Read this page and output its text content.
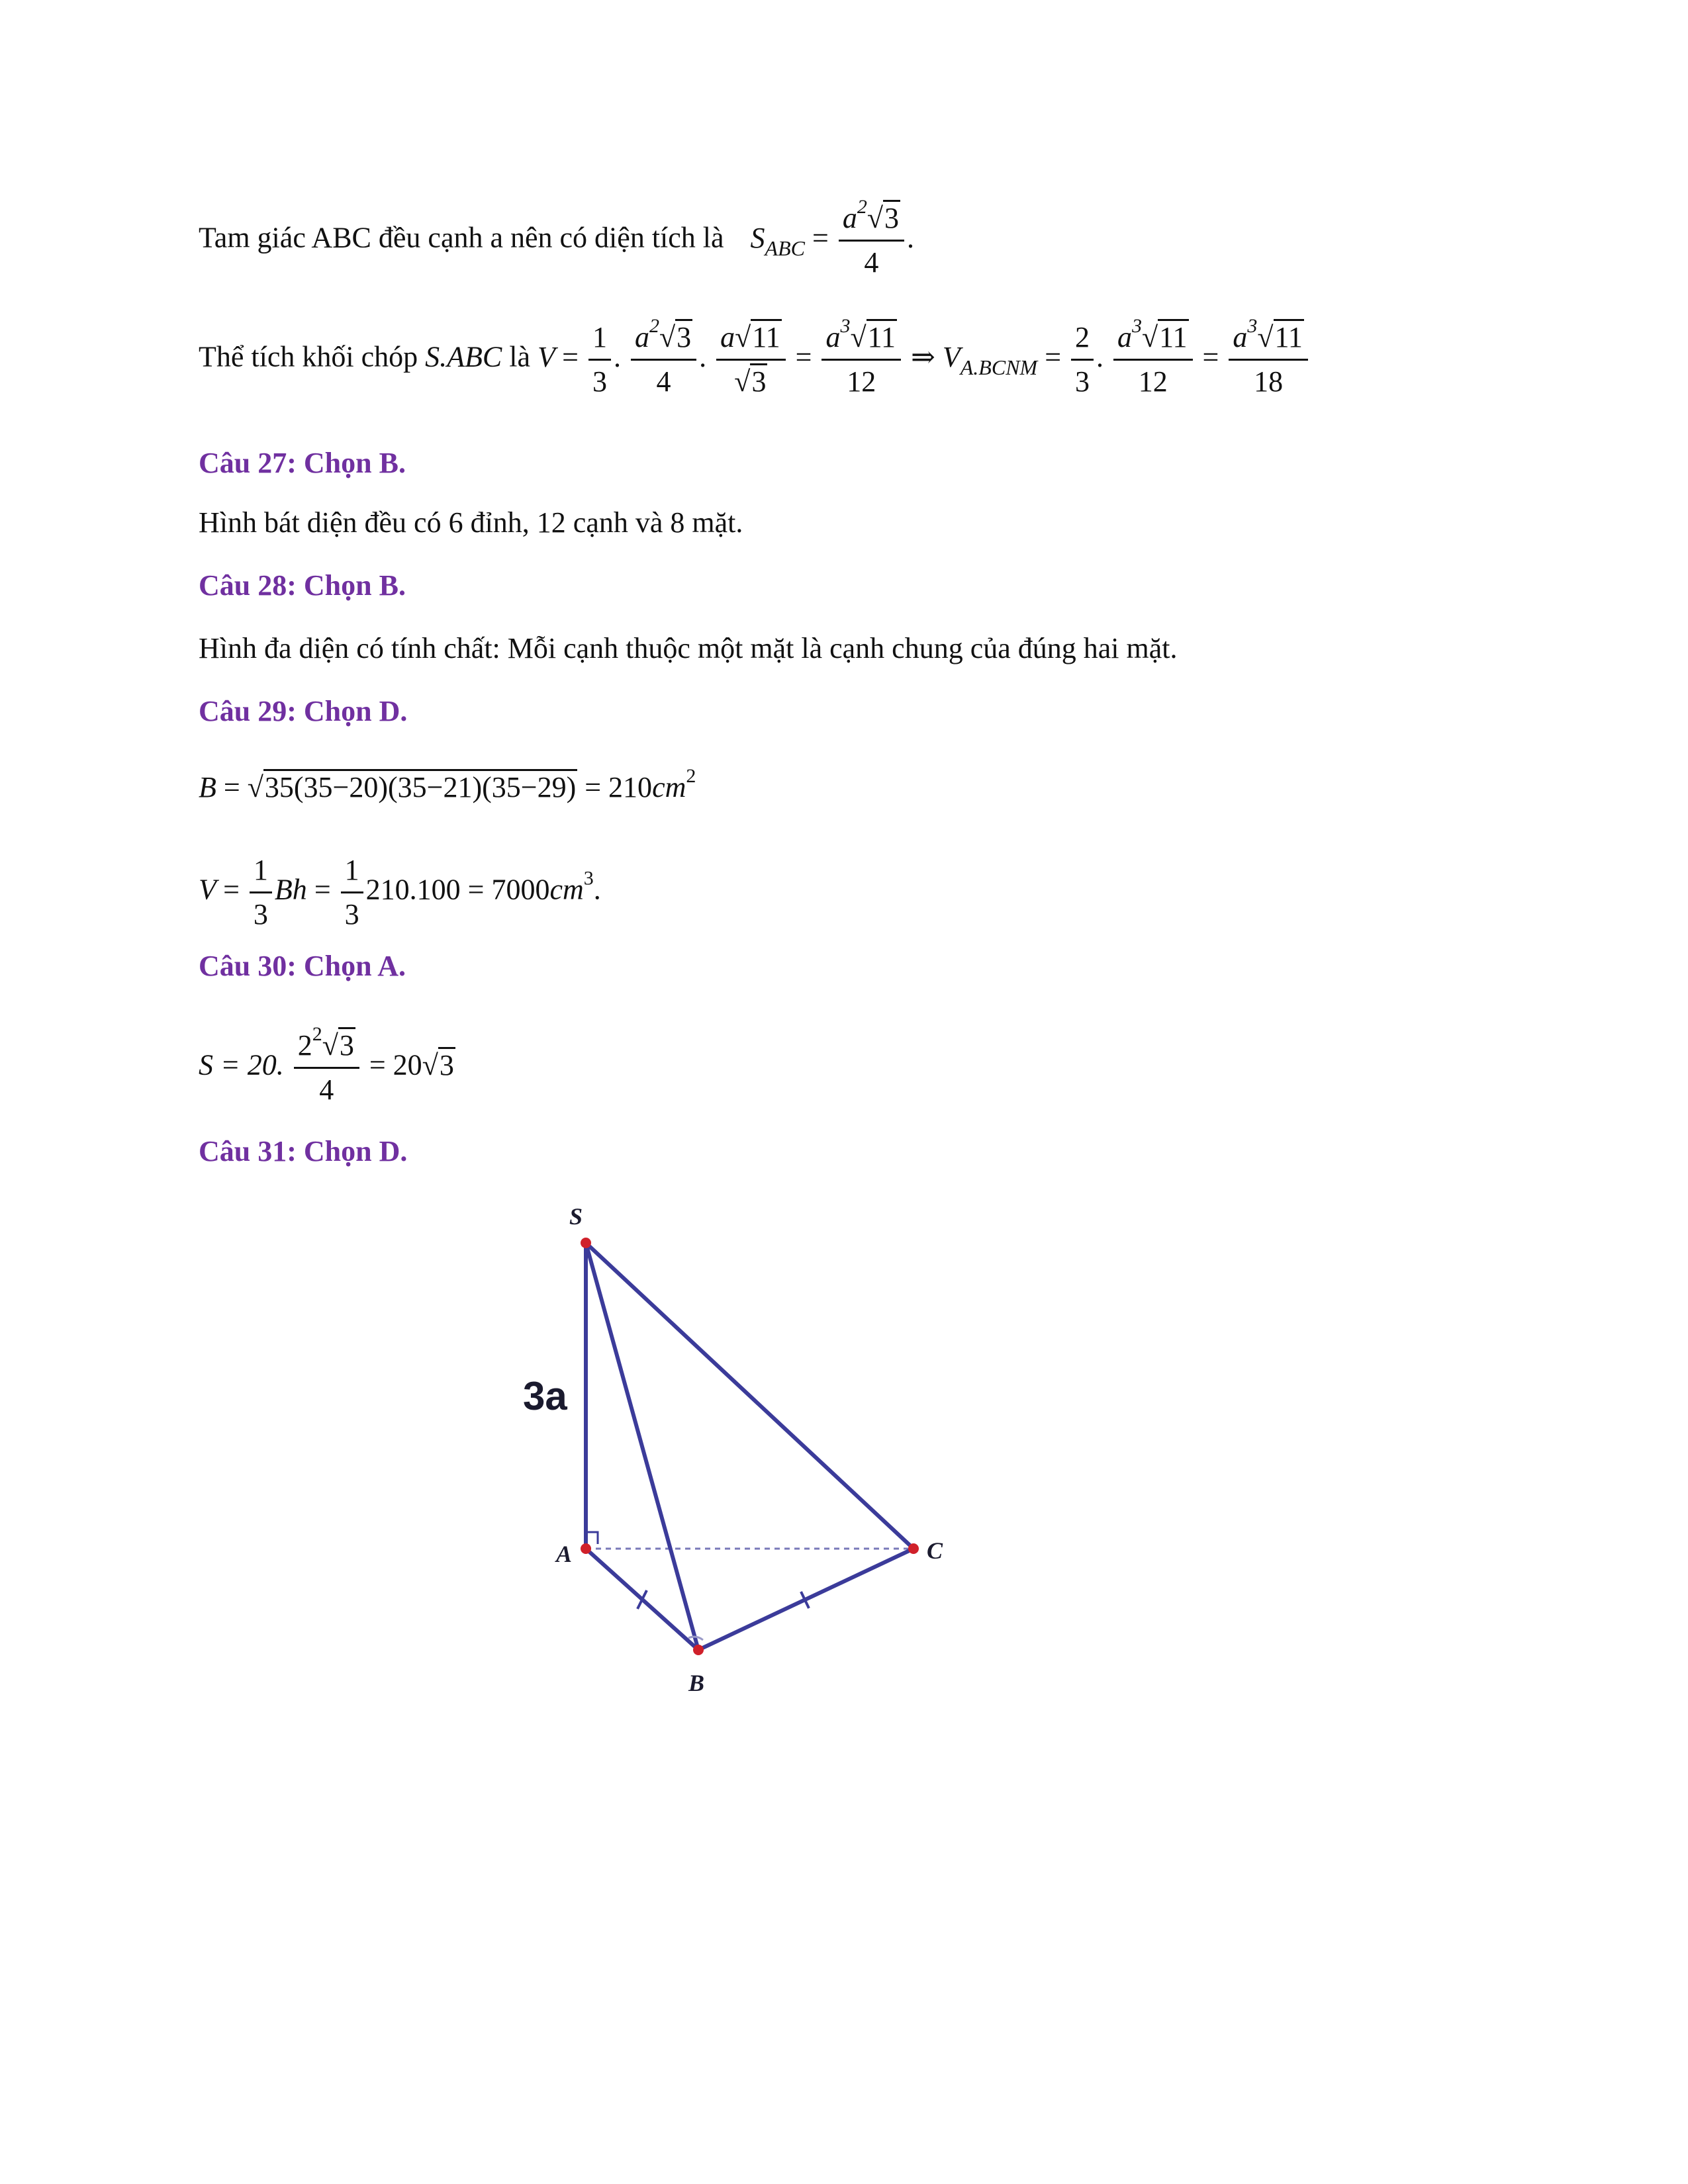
Tam giác ABC đều cạnh a nên có diện tích là $S_{ABC} = \frac{a^2√3}{4}$ .
Thể tích khối chóp S.ABC là $V = \frac{1}{3}$ . $\frac{a^2√3}{4}$ . $\frac{a√11}{√3} = \frac{a^3√11}{12}$ ⇒ $V_{A.BCNM} = \frac{2}{3}$ . $\frac{a^3√11}{12} = \frac{a^3√11}{18}$
Câu 27: Chọn B.
Hình bát diện đều có 6 đỉnh, 12 cạnh và 8 mặt.
Câu 28: Chọn B.
Hình đa diện có tính chất: Mỗi cạnh thuộc một mặt là cạnh chung của đúng hai mặt.
Câu 29: Chọn D.
$B = √35(35-20)(35-21)(35-29) = 210cm^2$
$V = \frac{1}{3}$ $Bh = \frac{1}{3} 210.100 = 7000cm^3$.
Câu 30: Chọn A.
S = 20. $\frac{2^2√3}{4} = 20√3$
Câu 31: Chọn D.
S
A
B
C
3a
